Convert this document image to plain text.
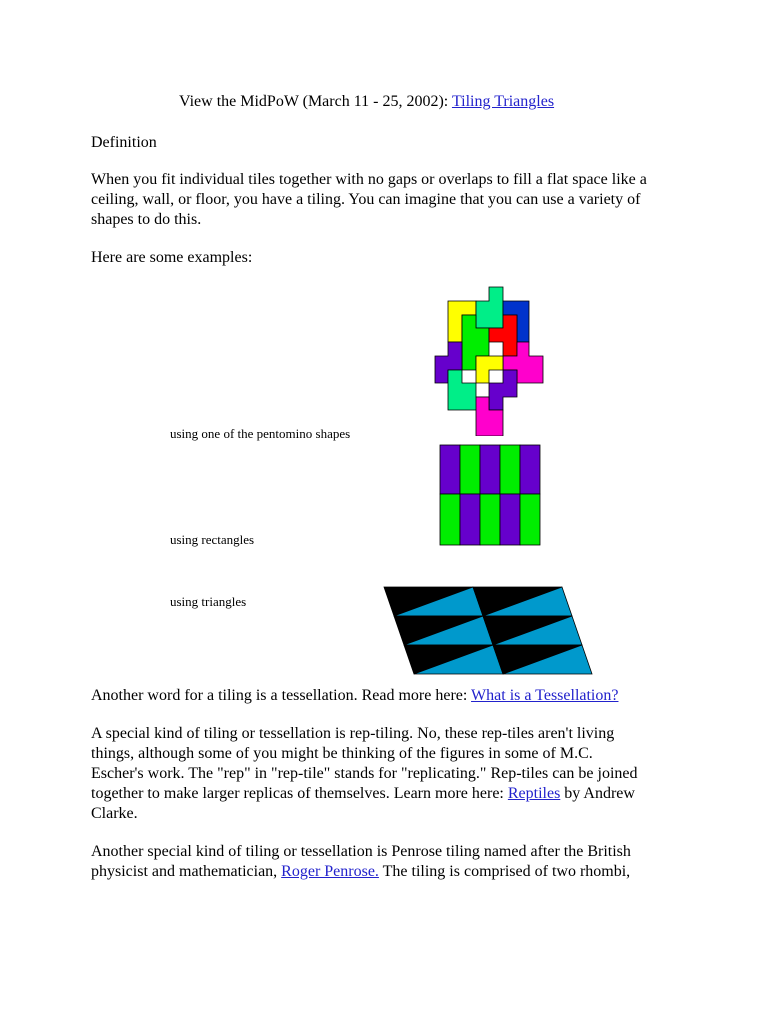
View the MidPoW (March 11 - 25, 2002): Tiling Triangles
Definition
When you fit individual tiles together with no gaps or overlaps to fill a flat space like a
ceiling, wall, or floor, you have a tiling. You can imagine that you can use a variety of
shapes to do this.
Here are some examples:
using one of the pentomino shapes
using rectangles
using triangles
Another word for a tiling is a tessellation. Read more here: What is a Tessellation?
A special kind of tiling or tessellation is rep-tiling. No, these rep-tiles aren't living
things, although some of you might be thinking of the figures in some of M.C.
Escher's work. The "rep" in "rep-tile" stands for "replicating." Rep-tiles can be joined
together to make larger replicas of themselves. Learn more here: Reptiles by Andrew
Clarke.
Another special kind of tiling or tessellation is Penrose tiling named after the British
physicist and mathematician, Roger Penrose. The tiling is comprised of two rhombi,
